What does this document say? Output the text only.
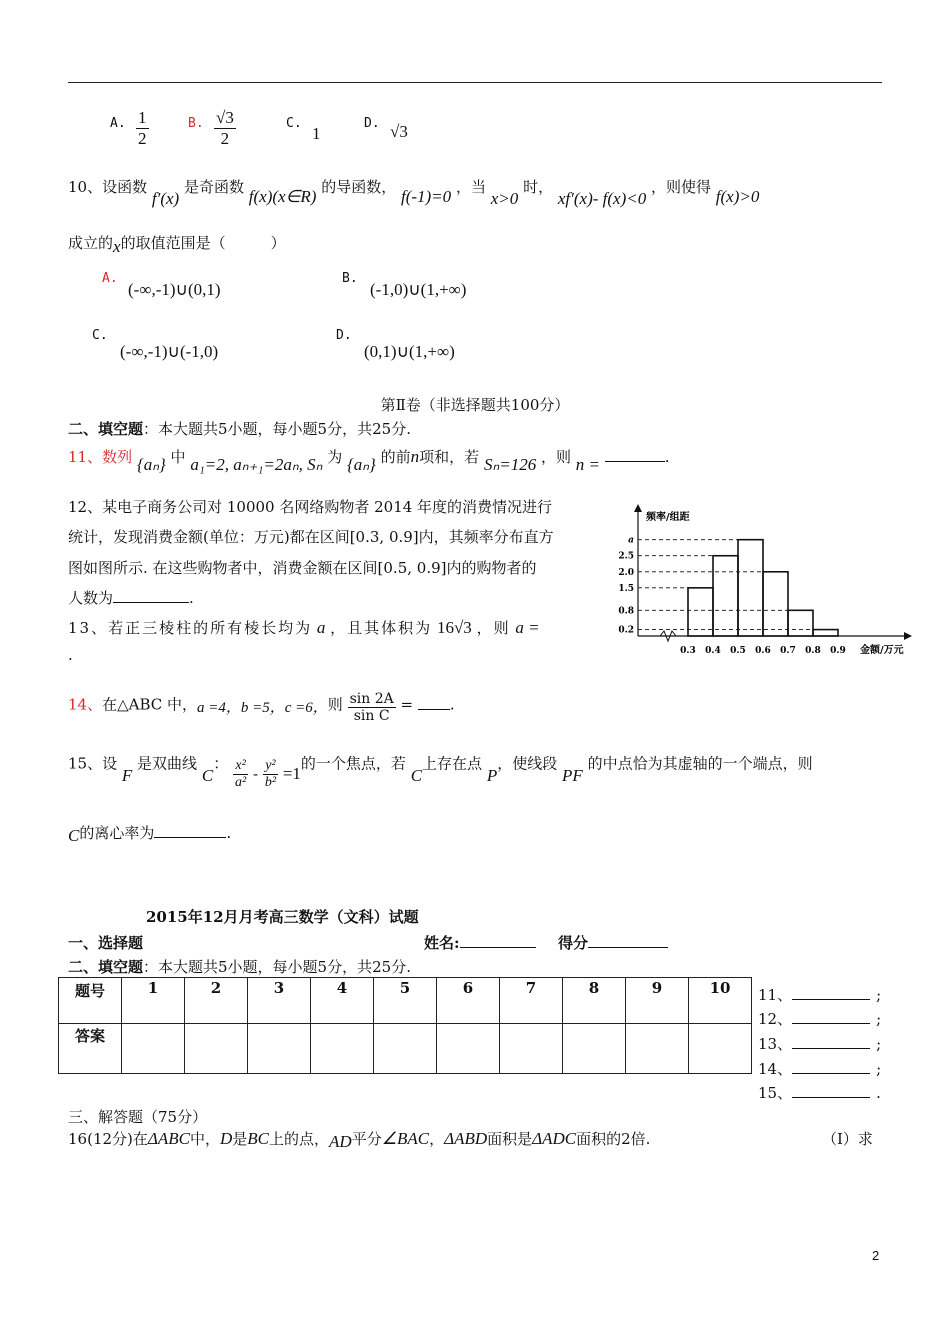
A. $\frac{1}{2}$	B. $\frac{√3}{2}$	C.
1
D. √3
10、设函数 f′(x) 是奇函数 f(x)(x∈R) 的导函数， f(-1)=0 ，当 x>0 时， xf′(x)- f(x)<0 ，则使得 f(x)>0
成立的x的取值范围是（　　　）
A.
(-∞,-1)∪(0,1)
B.
(-1,0)∪(1,+∞)
C.
(-∞,-1)∪(-1,0)
D.
(0,1)∪(1,+∞)
第Ⅱ卷（非选择题共100分）
二、填空题：本大题共5小题，每小题5分，共25分.
11、数列 {aₙ} 中 a₁=2, aₙ₊₁=2aₙ, Sₙ 为 {aₙ} 的前n项和，若 Sₙ=126 ，则 n =	.
12、某电子商务公司对 10000 名网络购物者 2014 年度的消费情况进行
统计，发现消费金额(单位：万元)都在区间[0.3, 0.9]内，其频率分布直方
图如图所示. 在这些购物者中，消费金额在区间[0.5, 0.9]内的购物者的
人数为	.
13、若正三棱柱的所有棱长均为 a ，且其体积为 16√3 ，则 a =
.
14、在△ABC 中，a =4，b =5，c =6，则 $\frac{\sin 2A}{\text{sin C}}$ = .
15、设 F 是双曲线 C： $\frac{\text{x²}}{\text{a²}} - \frac{\text{y²}}{\text{b²}} =1$的一个焦点，若 C上存在点 P，使线段 PF 的中点恰为其虚轴的一个端点，则
C的离心率为	.
频率/组距
金额/万元
0.2
0.8
1.5
2.0
2.5
a
0.3 0.4 0.5 0.6 0.7 0.8 0.9
2015年12月月考高三数学（文科）试题
一、选择题	姓名:	得分
二、填空题：本大题共5小题，每小题5分，共25分.
题号	1	2	3	4	5	6	7	8	9	10
答案										
11、	;
12、	;
13、	;
14、	;
15、	.
三、解答题（75分）
16(12分)在ΔABC中，D是BC上的点，AD平分∠BAC，ΔABD面积是ΔADC面积的2倍.	（Ⅰ）求
2
